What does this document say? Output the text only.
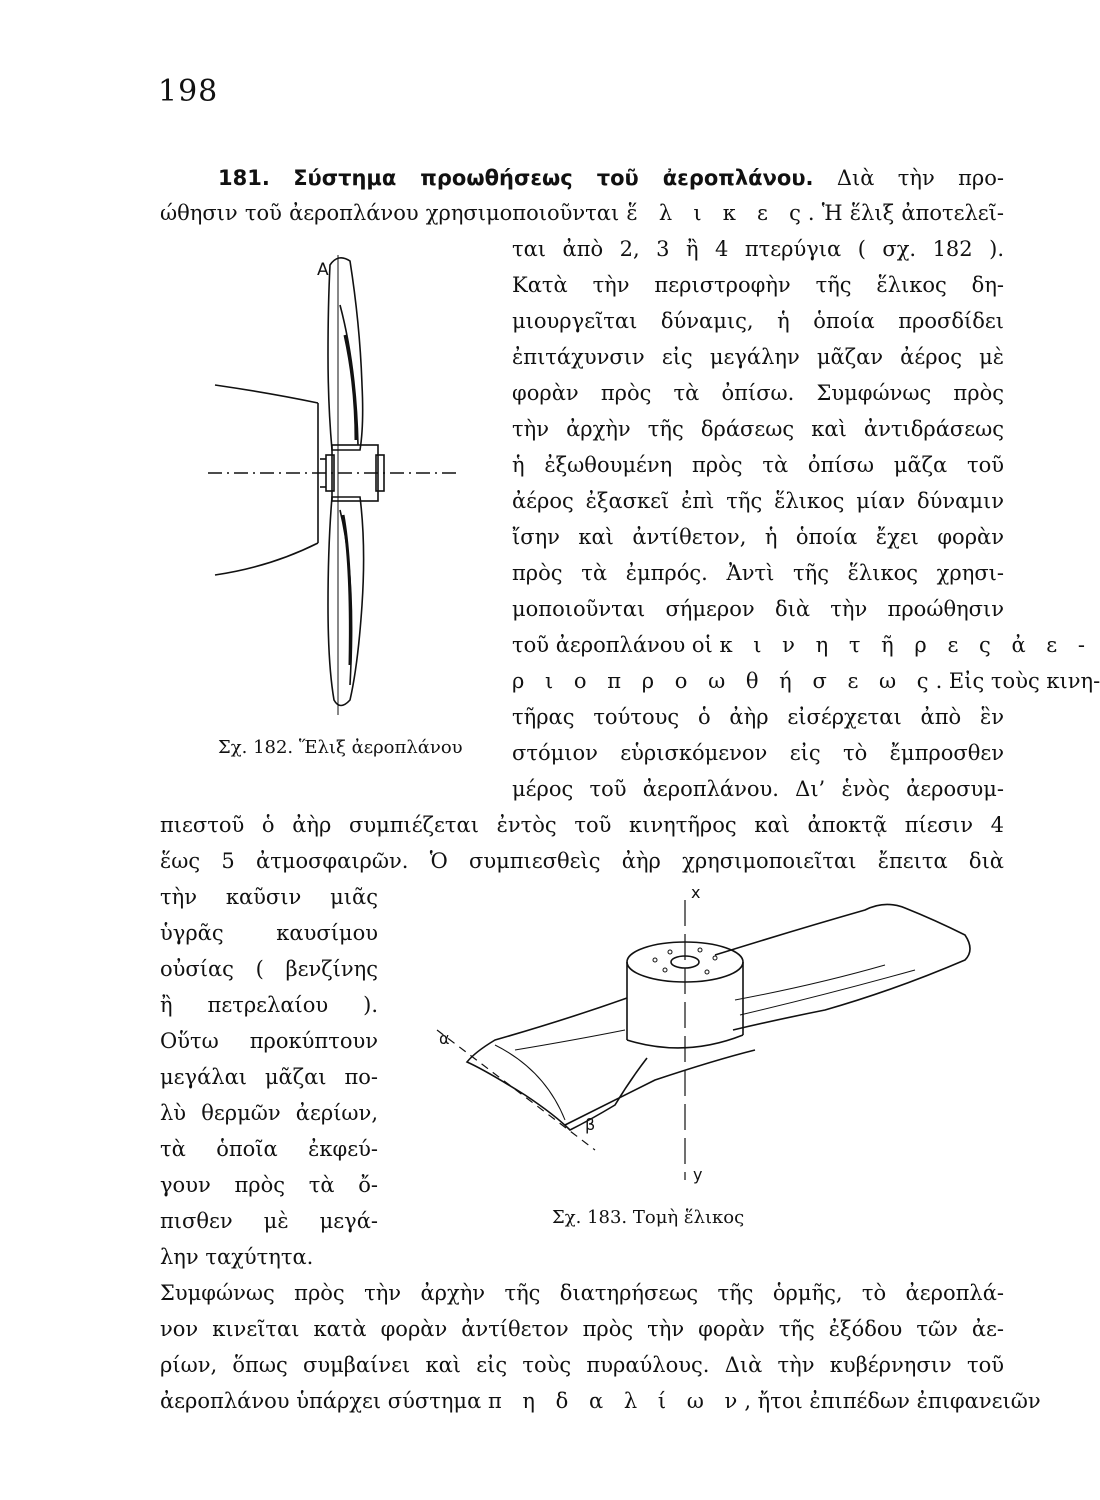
198
181. Σύστημα προωθήσεως τοῦ ἀεροπλάνου. Διὰ τὴν προ-
ώθησιν τοῦ ἀεροπλάνου χρησιμοποιοῦνται ἕ λ ι κ ε ς. Ἡ ἕλιξ ἀποτελεῖ-
ται ἀπὸ 2, 3 ἢ 4 πτερύγια ( σχ. 182 ).
Κατὰ τὴν περιστροφὴν τῆς ἕλικος δη-
μιουργεῖται δύναμις, ἡ ὁποία προσδίδει
ἐπιτάχυνσιν εἰς μεγάλην μᾶζαν ἀέρος μὲ
φορὰν πρὸς τὰ ὀπίσω. Συμφώνως πρὸς
τὴν ἀρχὴν τῆς δράσεως καὶ ἀντιδράσεως
ἡ ἐξωθουμένη πρὸς τὰ ὀπίσω μᾶζα τοῦ
ἀέρος ἐξασκεῖ ἐπὶ τῆς ἕλικος μίαν δύναμιν
ἴσην καὶ ἀντίθετον, ἡ ὁποία ἔχει φορὰν
πρὸς τὰ ἐμπρός. Ἀντὶ τῆς ἕλικος χρησι-
μοποιοῦνται σήμερον διὰ τὴν προώθησιν
τοῦ ἀεροπλάνου οἱ κ ι ν η τ ῆ ρ ε ς ἀ ε -
ρ ι ο π ρ ο ω θ ή σ ε ω ς. Εἰς τοὺς κινη-
τῆρας τούτους ὁ ἀὴρ εἰσέρχεται ἀπὸ ἓν
στόμιον εὑρισκόμενον εἰς τὸ ἔμπροσθεν
μέρος τοῦ ἀεροπλάνου. Δι’ ἑνὸς ἀεροσυμ-
πιεστοῦ ὁ ἀὴρ συμπιέζεται ἐντὸς τοῦ κινητῆρος καὶ ἀποκτᾷ πίεσιν 4
ἕως 5 ἀτμοσφαιρῶν. Ὁ συμπιεσθεὶς ἀὴρ χρησιμοποιεῖται ἔπειτα διὰ
τὴν καῦσιν μιᾶς
ὑγρᾶς καυσίμου
οὐσίας ( βενζίνης
ἢ πετρελαίου ).
Οὕτω προκύπτουν
μεγάλαι μᾶζαι πο-
λὺ θερμῶν ἀερίων,
τὰ ὁποῖα ἐκφεύ-
γουν πρὸς τὰ ὄ-
πισθεν μὲ μεγά-
λην ταχύτητα.
Συμφώνως πρὸς τὴν ἀρχὴν τῆς διατηρήσεως τῆς ὁρμῆς, τὸ ἀεροπλά-
νον κινεῖται κατὰ φορὰν ἀντίθετον πρὸς τὴν φορὰν τῆς ἐξόδου τῶν ἀε-
ρίων, ὅπως συμβαίνει καὶ εἰς τοὺς πυραύλους. Διὰ τὴν κυβέρνησιν τοῦ
ἀεροπλάνου ὑπάρχει σύστημα π η δ α λ ί ω ν, ἤτοι ἐπιπέδων ἐπιφανειῶν
A
Σχ. 182. Ἕλιξ ἀεροπλάνου
x
y
α
β
Σχ. 183. Τομὴ ἕλικος
